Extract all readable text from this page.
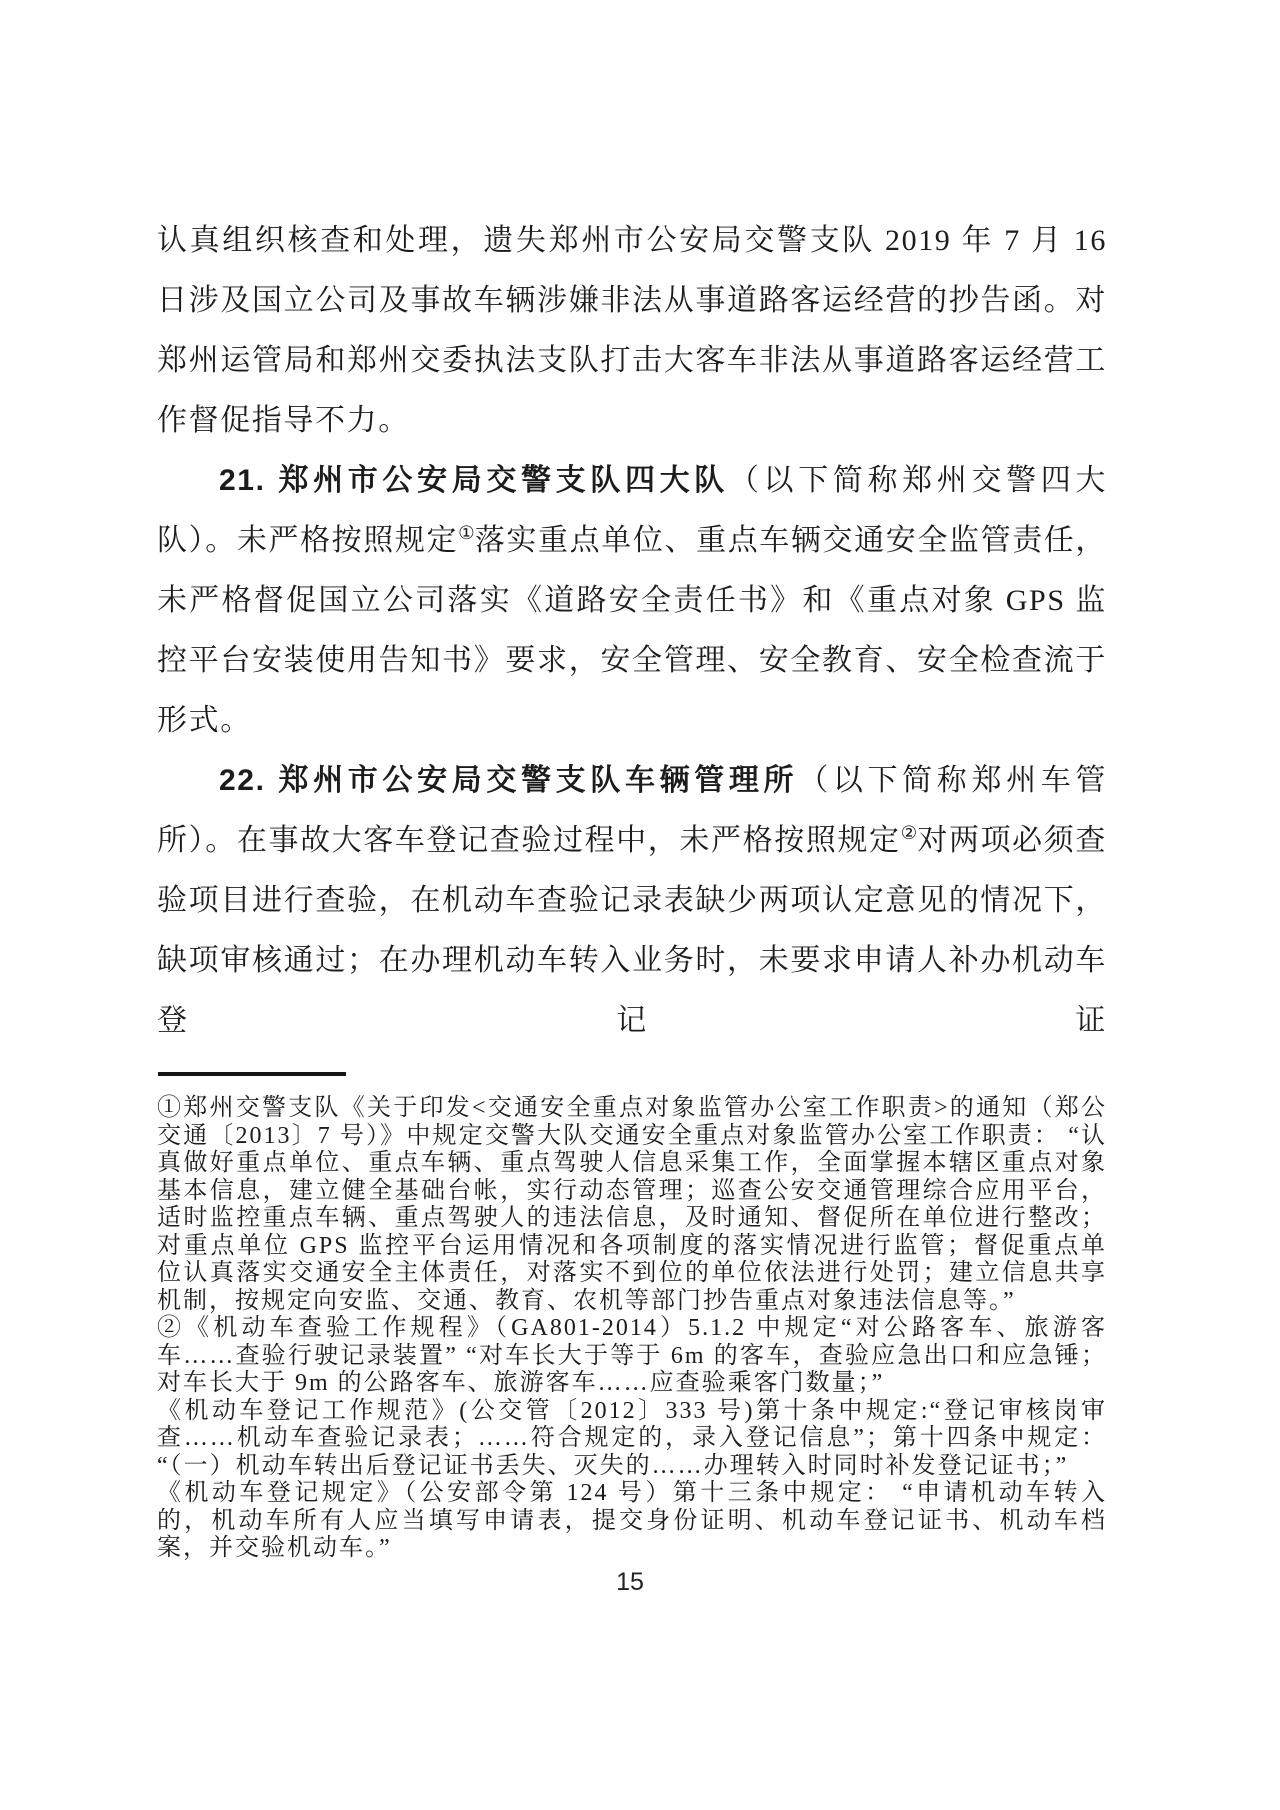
认真组织核查和处理，遗失郑州市公安局交警支队 2019 年 7 月 16 日涉及国立公司及事故车辆涉嫌非法从事道路客运经营的抄告函。对郑州运管局和郑州交委执法支队打击大客车非法从事道路客运经营工作督促指导不力。

21. 郑州市公安局交警支队四大队（以下简称郑州交警四大队）。未严格按照规定①落实重点单位、重点车辆交通安全监管责任，未严格督促国立公司落实《道路安全责任书》和《重点对象 GPS 监控平台安装使用告知书》要求，安全管理、安全教育、安全检查流于形式。

22. 郑州市公安局交警支队车辆管理所（以下简称郑州车管所）。在事故大客车登记查验过程中，未严格按照规定②对两项必须查验项目进行查验，在机动车查验记录表缺少两项认定意见的情况下，缺项审核通过；在办理机动车转入业务时，未要求申请人补办机动车登记证

①郑州交警支队《关于印发<交通安全重点对象监管办公室工作职责>的通知（郑公交通〔2013〕7 号）》中规定交警大队交通安全重点对象监管办公室工作职责： “认真做好重点单位、重点车辆、重点驾驶人信息采集工作，全面掌握本辖区重点对象基本信息，建立健全基础台帐，实行动态管理；巡查公安交通管理综合应用平台，适时监控重点车辆、重点驾驶人的违法信息，及时通知、督促所在单位进行整改；对重点单位 GPS 监控平台运用情况和各项制度的落实情况进行监管；督促重点单位认真落实交通安全主体责任，对落实不到位的单位依法进行处罚；建立信息共享机制，按规定向安监、交通、教育、农机等部门抄告重点对象违法信息等。”

②《机动车查验工作规程》（GA801-2014）5.1.2 中规定“对公路客车、旅游客车……查验行驶记录装置” “对车长大于等于 6m 的客车，查验应急出口和应急锤；对车长大于 9m 的公路客车、旅游客车……应查验乘客门数量；”

《机动车登记工作规范》(公交管〔2012〕333 号)第十条中规定:“登记审核岗审查……机动车查验记录表；……符合规定的，录入登记信息”；第十四条中规定： “（一）机动车转出后登记证书丢失、灭失的……办理转入时同时补发登记证书；”

《机动车登记规定》（公安部令第 124 号）第十三条中规定： “申请机动车转入的，机动车所有人应当填写申请表，提交身份证明、机动车登记证书、机动车档案，并交验机动车。”

15
